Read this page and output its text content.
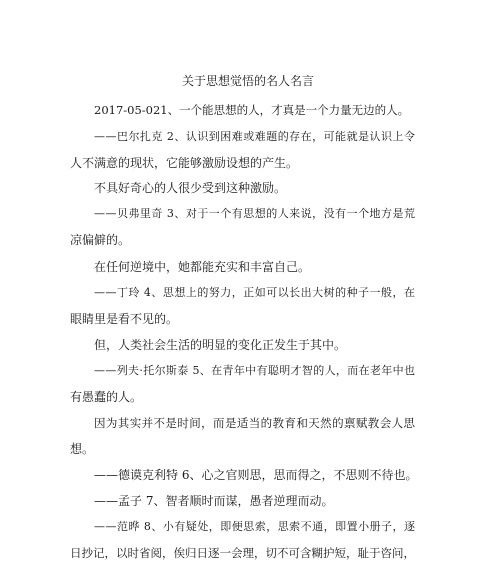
关于思想觉悟的名人名言
2017-05-021、一个能思想的人，才真是一个力量无边的人。
——巴尔扎克 2、认识到困难或难题的存在，可能就是认识上令
人不满意的现状，它能够激励设想的产生。
不具好奇心的人很少受到这种激励。
——贝弗里奇 3、对于一个有思想的人来说，没有一个地方是荒
凉偏僻的。
在任何逆境中，她都能充实和丰富自己。
——丁玲 4、思想上的努力，正如可以长出大树的种子一般，在
眼睛里是看不见的。
但，人类社会生活的明显的变化正发生于其中。
——列夫·托尔斯泰 5、在青年中有聪明才智的人，而在老年中也
有愚蠢的人。
因为其实并不是时间，而是适当的教育和天然的禀赋教会人思
想。
——德谟克利特 6、心之官则思，思而得之，不思则不待也。
——孟子 7、智者顺时而谋，愚者逆理而动。
——范晔 8、小有疑处，即便思索，思索不通，即置小册子，逐
日抄记，以时省阅，俟归日逐一会理，切不可含糊护短，耻于咨问，
